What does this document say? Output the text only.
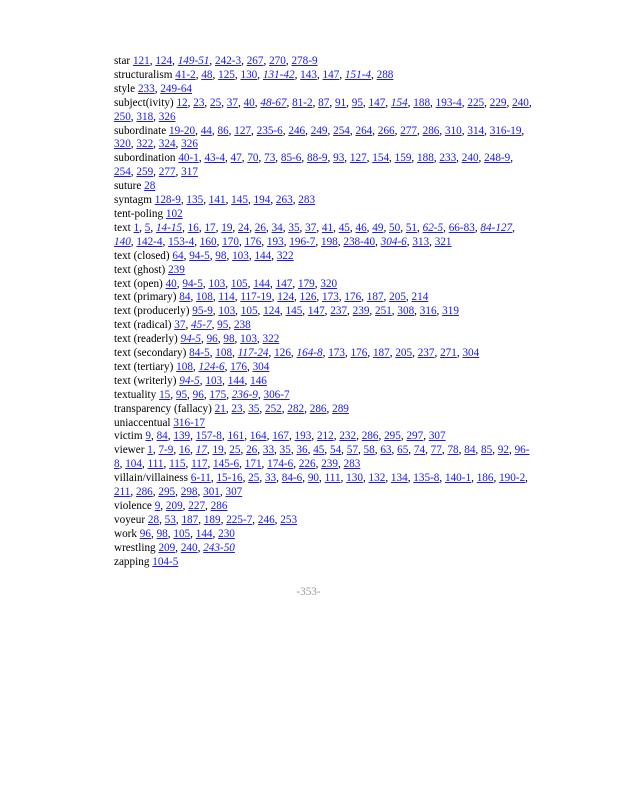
star 121, 124, 149-51, 242-3, 267, 270, 278-9

structuralism 41-2, 48, 125, 130, 131-42, 143, 147, 151-4, 288

style 233, 249-64

subject(ivity) 12, 23, 25, 37, 40, 48-67, 81-2, 87, 91, 95, 147, 154, 188, 193-4, 225, 229, 240, 250, 318, 326

subordinate 19-20, 44, 86, 127, 235-6, 246, 249, 254, 264, 266, 277, 286, 310, 314, 316-19, 320, 322, 324, 326

subordination 40-1, 43-4, 47, 70, 73, 85-6, 88-9, 93, 127, 154, 159, 188, 233, 240, 248-9, 254, 259, 277, 317

suture 28

syntagm 128-9, 135, 141, 145, 194, 263, 283

tent-poling 102

text 1, 5, 14-15, 16, 17, 19, 24, 26, 34, 35, 37, 41, 45, 46, 49, 50, 51, 62-5, 66-83, 84-127, 140, 142-4, 153-4, 160, 170, 176, 193, 196-7, 198, 238-40, 304-6, 313, 321

text (closed) 64, 94-5, 98, 103, 144, 322

text (ghost) 239

text (open) 40, 94-5, 103, 105, 144, 147, 179, 320

text (primary) 84, 108, 114, 117-19, 124, 126, 173, 176, 187, 205, 214

text (producerly) 95-9, 103, 105, 124, 145, 147, 237, 239, 251, 308, 316, 319

text (radical) 37, 45-7, 95, 238

text (readerly) 94-5, 96, 98, 103, 322

text (secondary) 84-5, 108, 117-24, 126, 164-8, 173, 176, 187, 205, 237, 271, 304

text (tertiary) 108, 124-6, 176, 304

text (writerly) 94-5, 103, 144, 146

textuality 15, 95, 96, 175, 236-9, 306-7

transparency (fallacy) 21, 23, 35, 252, 282, 286, 289

uniaccentual 316-17

victim 9, 84, 139, 157-8, 161, 164, 167, 193, 212, 232, 286, 295, 297, 307

viewer 1, 7-9, 16, 17, 19, 25, 26, 33, 35, 36, 45, 54, 57, 58, 63, 65, 74, 77, 78, 84, 85, 92, 96-8, 104, 111, 115, 117, 145-6, 171, 174-6, 226, 239, 283

villain/villainess 6-11, 15-16, 25, 33, 84-6, 90, 111, 130, 132, 134, 135-8, 140-1, 186, 190-2, 211, 286, 295, 298, 301, 307

violence 9, 209, 227, 286

voyeur 28, 53, 187, 189, 225-7, 246, 253

work 96, 98, 105, 144, 230

wrestling 209, 240, 243-50

zapping 104-5

-353-
